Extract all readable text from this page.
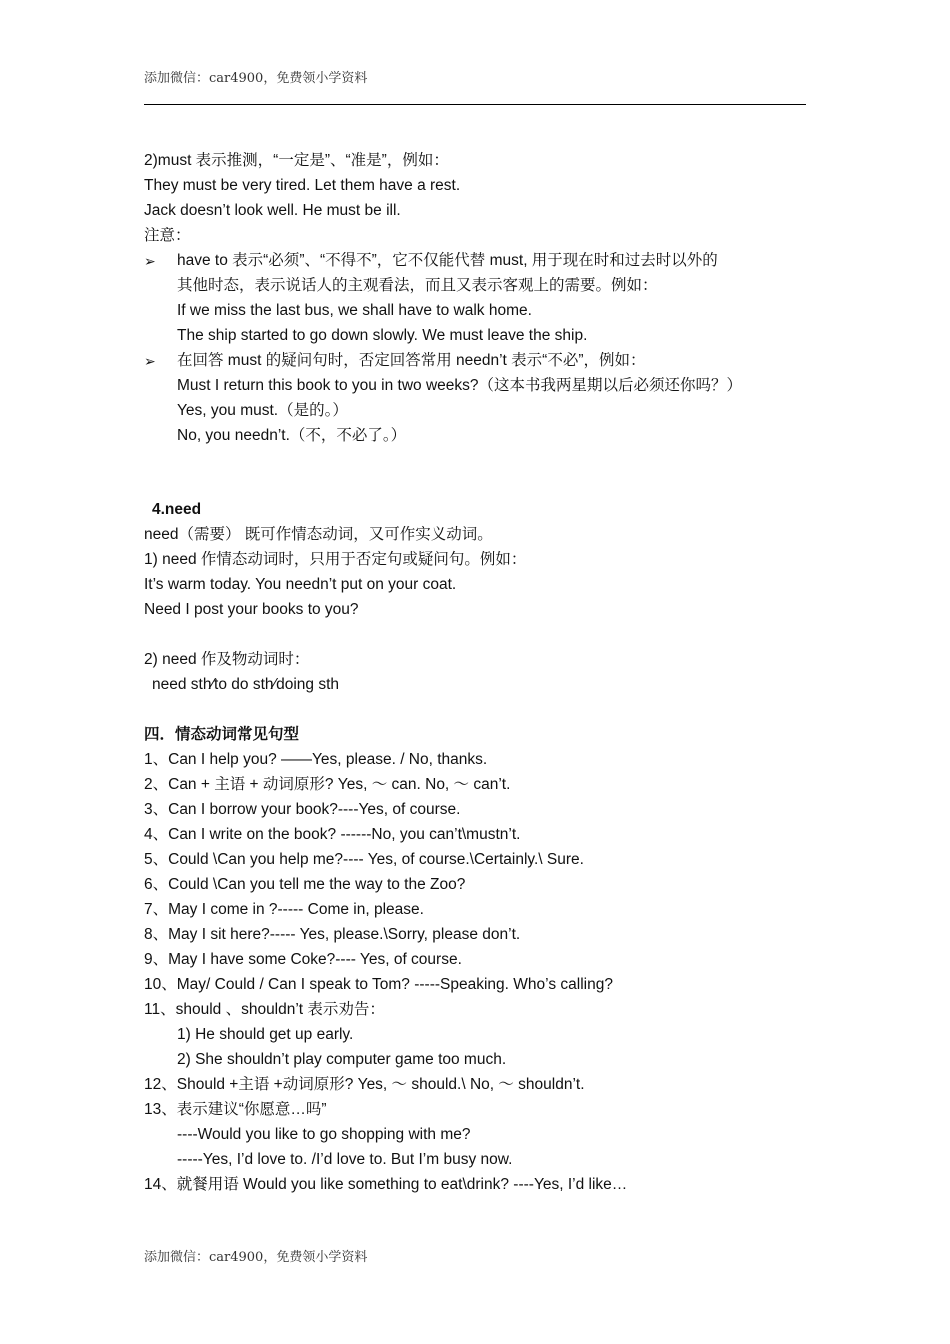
添加微信：car4900，免费领小学资料
2)must 表示推测，“一定是”、“准是”，例如：
They must be very tired. Let them have a rest.
Jack doesn’t look well. He must be ill.
注意：
➢ have to 表示“必须”、“不得不”，它不仅能代替 must, 用于现在时和过去时以外的
其他时态，表示说话人的主观看法，而且又表示客观上的需要。例如：
If we miss the last bus, we shall have to walk home.
The ship started to go down slowly. We must leave the ship.
➢ 在回答 must 的疑问句时，否定回答常用 needn’t 表示“不必”，例如：
Must I return this book to you in two weeks?（这本书我两星期以后必须还你吗？）
Yes, you must.（是的。）
No, you needn’t.（不，不必了。）
4.need
need（需要） 既可作情态动词，又可作实义动词。
1) need 作情态动词时，只用于否定句或疑问句。例如：
It’s warm today. You needn’t put on your coat.
Need I post your books to you?
2) need 作及物动词时：
need sth⁄to do sth⁄doing sth
四．情态动词常见句型
1、Can I help you? ——Yes, please. / No, thanks.
2、Can + 主语 + 动词原形? Yes, ～ can. No, ～ can’t.
3、Can I borrow your book?----Yes, of course.
4、Can I write on the book? ------No, you can’t\mustn’t.
5、Could \Can you help me?---- Yes, of course.\Certainly.\ Sure.
6、Could \Can you tell me the way to the Zoo?
7、May I come in ?----- Come in, please.
8、May I sit here?----- Yes, please.\Sorry, please don’t.
9、May I have some Coke?---- Yes, of course.
10、May/ Could / Can I speak to Tom? -----Speaking. Who’s calling?
11、should 、shouldn’t 表示劝告：
1) He should get up early.
2) She shouldn’t play computer game too much.
12、Should +主语 +动词原形? Yes, ～ should.\ No, ～ shouldn’t.
13、表示建议“你愿意…吗”
----Would you like to go shopping with me?
-----Yes, I’d love to. /I’d love to. But I’m busy now.
14、就餐用语 Would you like something to eat\drink? ----Yes, I’d like…
添加微信：car4900，免费领小学资料
